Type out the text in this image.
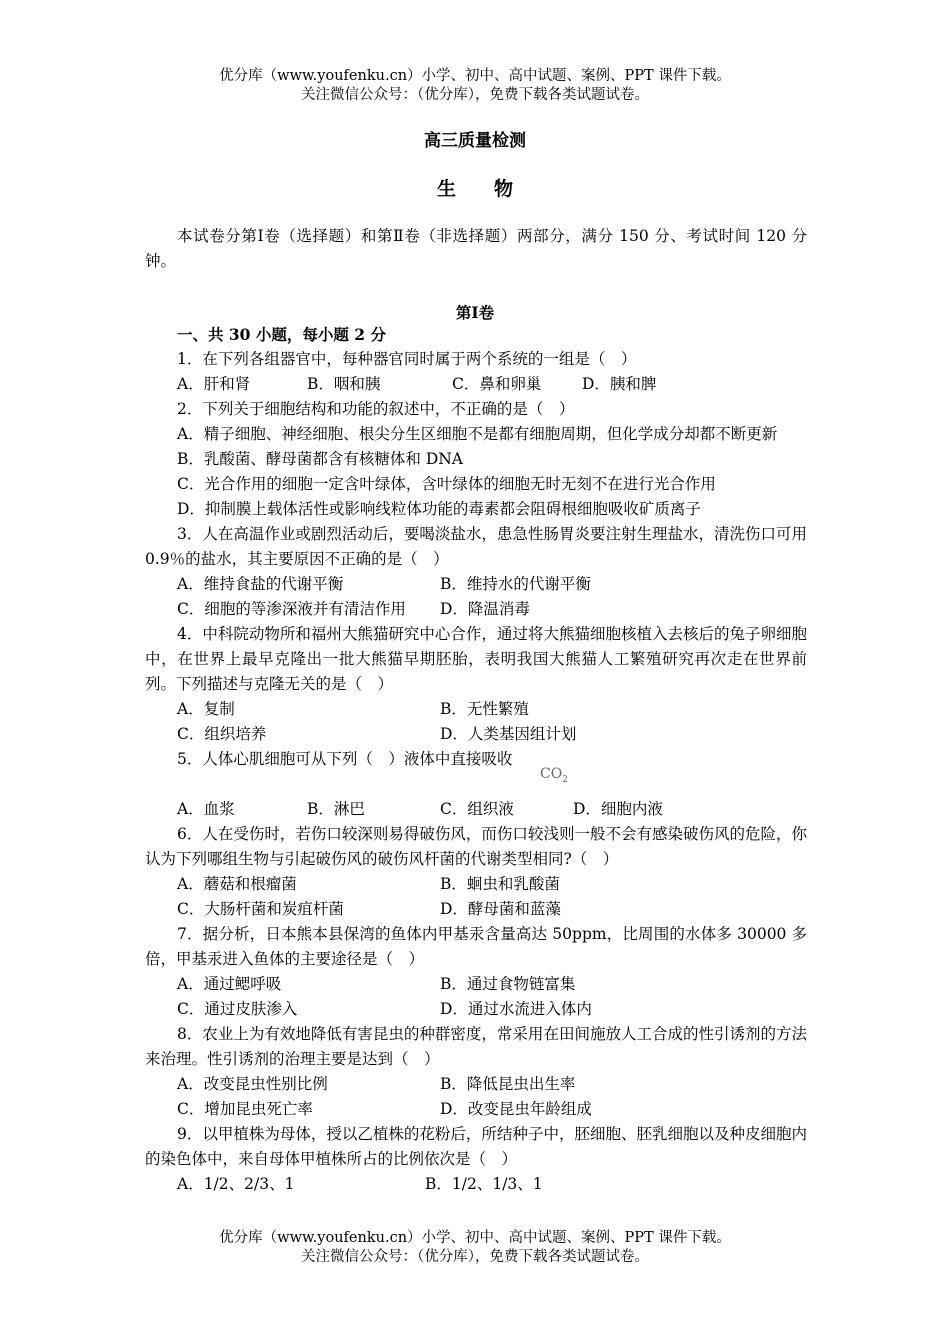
优分库（www.youfenku.cn）小学、初中、高中试题、案例、PPT 课件下载。
关注微信公众号：（优分库），免费下载各类试题试卷。
高三质量检测
生　　物

本试卷分第Ⅰ卷（选择题）和第Ⅱ卷（非选择题）两部分，满分 150 分、考试时间 120 分钟。

第Ⅰ卷

一、共 30 小题，每小题 2 分

1．在下列各组器官中，每种器官同时属于两个系统的一组是（　）

A．肝和肾	B．咽和胰	C．鼻和卵巢	D．胰和脾

2．下列关于细胞结构和功能的叙述中，不正确的是（　）

A．精子细胞、神经细胞、根尖分生区细胞不是都有细胞周期，但化学成分却都不断更新

B．乳酸菌、酵母菌都含有核糖体和 DNA

C．光合作用的细胞一定含叶绿体，含叶绿体的细胞无时无刻不在进行光合作用

D．抑制膜上载体活性或影响线粒体功能的毒素都会阻碍根细胞吸收矿质离子

3．人在高温作业或剧烈活动后，要喝淡盐水，患急性肠胃炎要注射生理盐水，清洗伤口可用 0.9％的盐水，其主要原因不正确的是（　）

A．维持食盐的代谢平衡	B．维持水的代谢平衡
C．细胞的等渗深液并有清洁作用	D．降温消毒

4．中科院动物所和福州大熊猫研究中心合作，通过将大熊猫细胞核植入去核后的兔子卵细胞中，在世界上最早克隆出一批大熊猫早期胚胎，表明我国大熊猫人工繁殖研究再次走在世界前列。下列描述与克隆无关的是（　）

A．复制	B．无性繁殖
C．组织培养	D．人类基因组计划

5．人体心肌细胞可从下列（　）液体中直接吸收

$CO_2$
A．血浆	B．淋巴	C．组织液	D．细胞内液

6．人在受伤时，若伤口较深则易得破伤风，而伤口较浅则一般不会有感染破伤风的危险，你认为下列哪组生物与引起破伤风的破伤风杆菌的代谢类型相同?（　）

A．蘑菇和根瘤菌	B．蛔虫和乳酸菌
C．大肠杆菌和炭疽杆菌	D．酵母菌和蓝藻

7．据分析，日本熊本县保湾的鱼体内甲基汞含量高达 50ppm，比周围的水体多 30000 多倍，甲基汞进入鱼体的主要途径是（　）

A．通过鳃呼吸	B．通过食物链富集
C．通过皮肤渗入	D．通过水流进入体内

8．农业上为有效地降低有害昆虫的种群密度，常采用在田间施放人工合成的性引诱剂的方法来治理。性引诱剂的治理主要是达到（　）

A．改变昆虫性别比例	B．降低昆虫出生率
C．增加昆虫死亡率	D．改变昆虫年龄组成

9．以甲植株为母体，授以乙植株的花粉后，所结种子中，胚细胞、胚乳细胞以及种皮细胞内的染色体中，来自母体甲植株所占的比例依次是（　）

A．1/2、2/3、1	B．1/2、1/3、1
优分库（www.youfenku.cn）小学、初中、高中试题、案例、PPT 课件下载。
关注微信公众号：（优分库），免费下载各类试题试卷。
